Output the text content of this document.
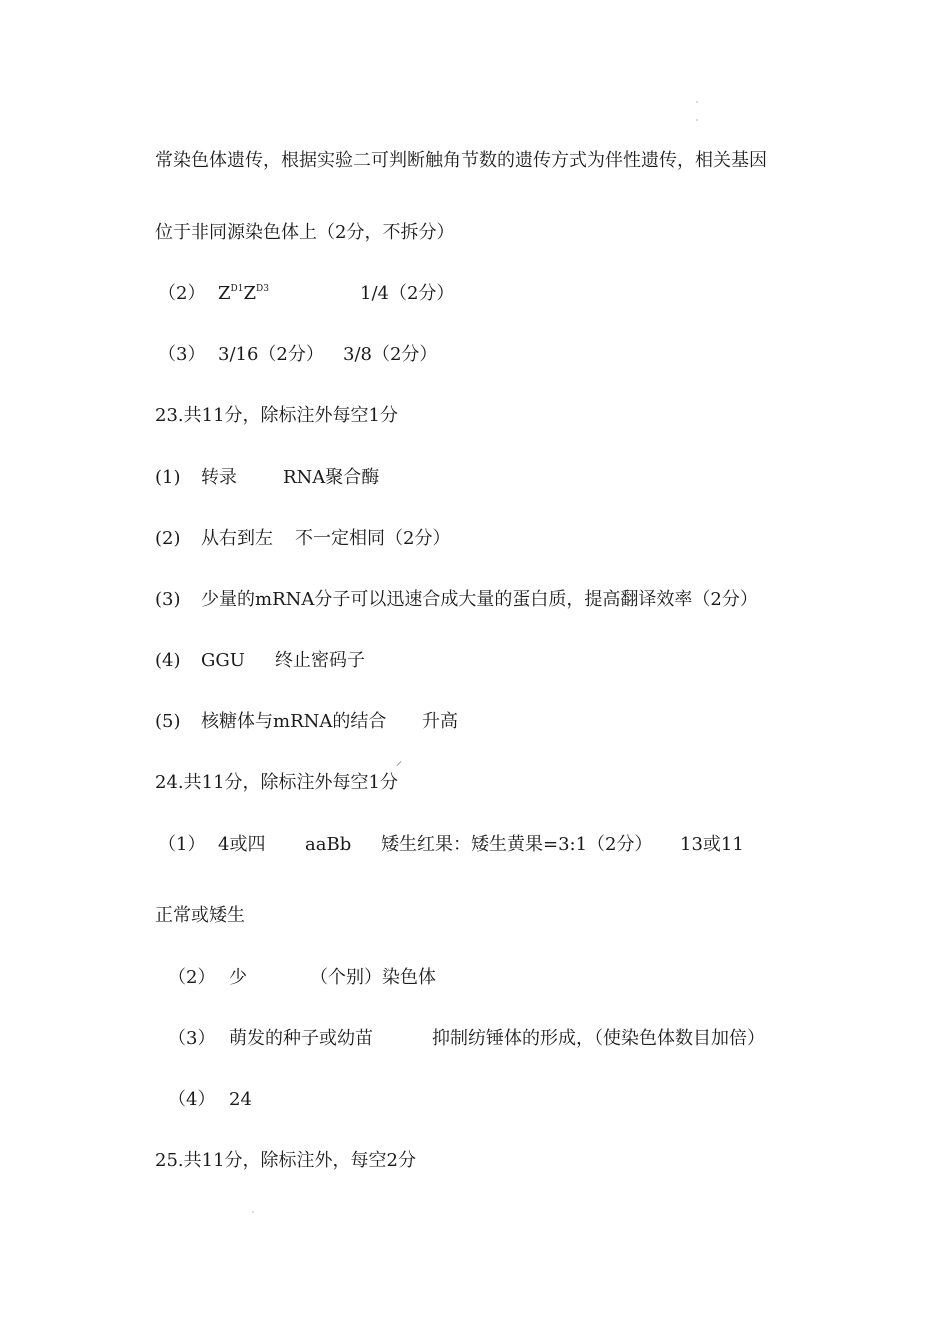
常染色体遗传，根据实验二可判断触角节数的遗传方式为伴性遗传，相关基因
位于非同源染色体上（2分，不拆分）
（2） $Z^{D1}Z^{D3}$	1/4（2分）
（3） 3/16（2分） 3/8（2分）
23.共11分，除标注外每空1分
(1) 转录	RNA聚合酶
(2) 从右到左 不一定相同（2分）
(3) 少量的mRNA分子可以迅速合成大量的蛋白质，提高翻译效率（2分）
(4) GGU 终止密码子
(5) 核糖体与mRNA的结合 升高
24.共11分，除标注外每空1分
（1） 4或四 aaBb 矮生红果：矮生黄果=3:1（2分） 13或11
正常或矮生
（2） 少	（个别）染色体
（3） 萌发的种子或幼苗	抑制纺锤体的形成，（使染色体数目加倍）
（4） 24
25.共11分，除标注外，每空2分
